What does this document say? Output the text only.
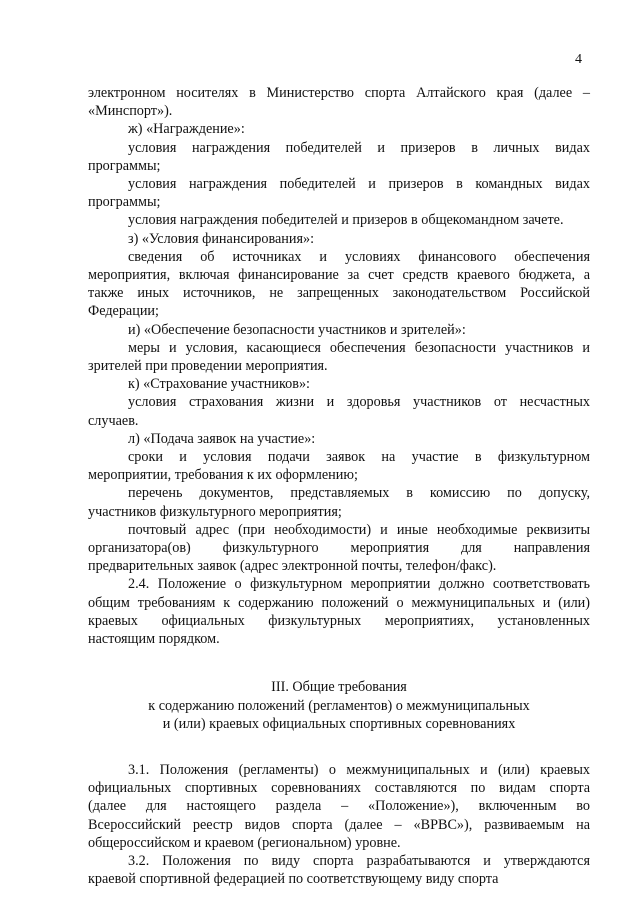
4

электронном носителях в Министерство спорта Алтайского края (далее –

«Минспорт»).

ж) «Награждение»:

условия награждения победителей и призеров в личных видах

программы;

условия награждения победителей и призеров в командных видах

программы;

условия награждения победителей и призеров в общекомандном зачете.

з) «Условия финансирования»:

сведения об источниках и условиях финансового обеспечения

мероприятия, включая финансирование за счет средств краевого бюджета, а

также иных источников, не запрещенных законодательством Российской

Федерации;

и) «Обеспечение безопасности участников и зрителей»:

меры и условия, касающиеся обеспечения безопасности участников и

зрителей при проведении мероприятия.

к) «Страхование участников»:

условия страхования жизни и здоровья участников от несчастных

случаев.

л) «Подача заявок на участие»:

сроки и условия подачи заявок на участие в физкультурном

мероприятии, требования к их оформлению;

перечень документов, представляемых в комиссию по допуску,

участников физкультурного мероприятия;

почтовый адрес (при необходимости) и иные необходимые реквизиты

организатора(ов) физкультурного мероприятия для направления

предварительных заявок (адрес электронной почты, телефон/факс).

2.4. Положение о физкультурном мероприятии должно соответствовать

общим требованиям к содержанию положений о межмуниципальных и (или)

краевых официальных физкультурных мероприятиях, установленных

настоящим порядком.

III. Общие требования
к содержанию положений (регламентов) о межмуниципальных
и (или) краевых официальных спортивных соревнованиях

3.1. Положения (регламенты) о межмуниципальных и (или) краевых

официальных спортивных соревнованиях составляются по видам спорта

(далее для настоящего раздела – «Положение»), включенным во

Всероссийский реестр видов спорта (далее – «ВРВС»), развиваемым на

общероссийском и краевом (региональном) уровне.

3.2. Положения по виду спорта разрабатываются и утверждаются

краевой спортивной федерацией по соответствующему виду спорта
